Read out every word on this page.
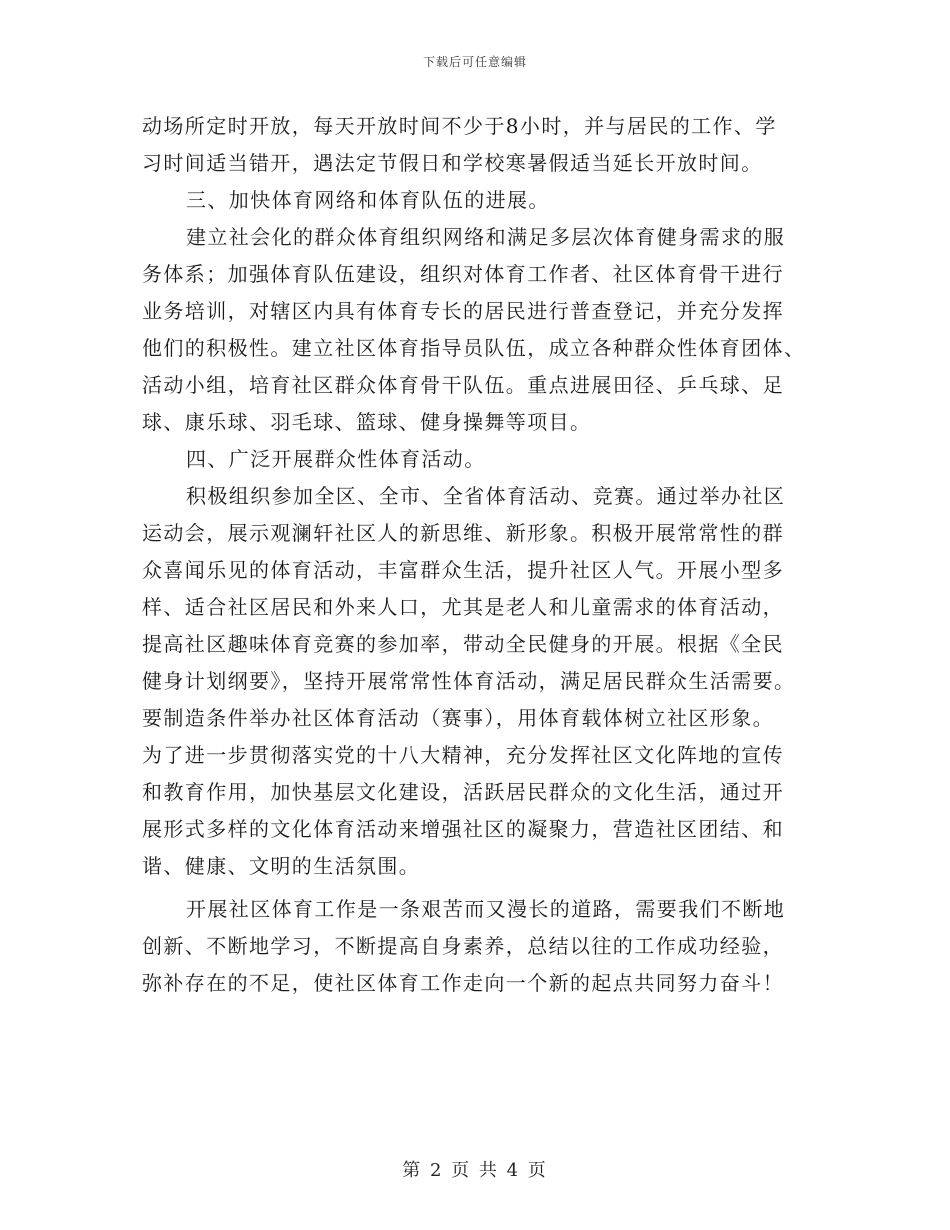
下载后可任意编辑
动场所定时开放，每天开放时间不少于8小时，并与居民的工作、学
习时间适当错开，遇法定节假日和学校寒暑假适当延长开放时间。
三、加快体育网络和体育队伍的进展。
建立社会化的群众体育组织网络和满足多层次体育健身需求的服
务体系；加强体育队伍建设，组织对体育工作者、社区体育骨干进行
业务培训，对辖区内具有体育专长的居民进行普查登记，并充分发挥
他们的积极性。建立社区体育指导员队伍，成立各种群众性体育团体、
活动小组，培育社区群众体育骨干队伍。重点进展田径、乒乓球、足
球、康乐球、羽毛球、篮球、健身操舞等项目。
四、广泛开展群众性体育活动。
积极组织参加全区、全市、全省体育活动、竞赛。通过举办社区
运动会，展示观澜轩社区人的新思维、新形象。积极开展常常性的群
众喜闻乐见的体育活动，丰富群众生活，提升社区人气。开展小型多
样、适合社区居民和外来人口，尤其是老人和儿童需求的体育活动，
提高社区趣味体育竞赛的参加率，带动全民健身的开展。根据《全民
健身计划纲要》，坚持开展常常性体育活动，满足居民群众生活需要。
要制造条件举办社区体育活动（赛事），用体育载体树立社区形象。
为了进一步贯彻落实党的十八大精神，充分发挥社区文化阵地的宣传
和教育作用，加快基层文化建设，活跃居民群众的文化生活，通过开
展形式多样的文化体育活动来增强社区的凝聚力，营造社区团结、和
谐、健康、文明的生活氛围。
开展社区体育工作是一条艰苦而又漫长的道路，需要我们不断地
创新、不断地学习，不断提高自身素养，总结以往的工作成功经验，
弥补存在的不足，使社区体育工作走向一个新的起点共同努力奋斗！
第 2 页 共 4 页
